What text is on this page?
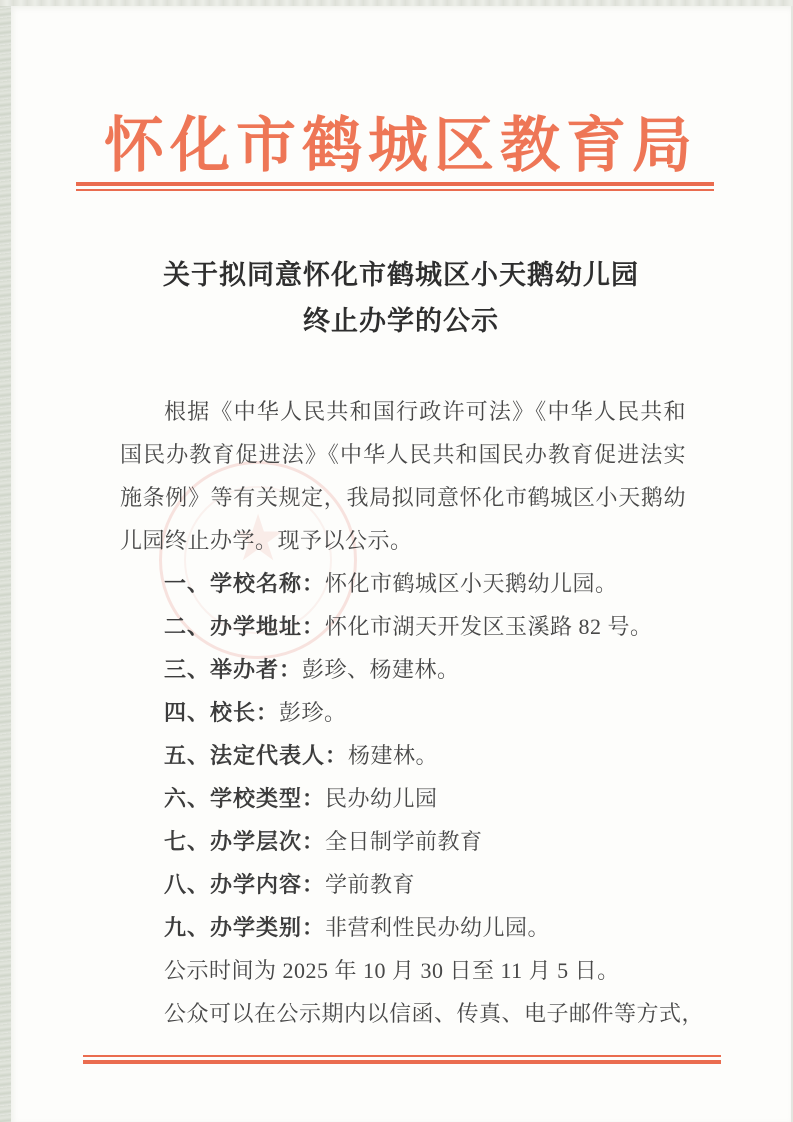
怀化市鹤城区教育局
关于拟同意怀化市鹤城区小天鹅幼儿园
终止办学的公示
★

根据《中华人民共和国行政许可法》《中华人民共和国民办教育促进法》《中华人民共和国民办教育促进法实施条例》等有关规定，我局拟同意怀化市鹤城区小天鹅幼儿园终止办学。现予以公示。

一、学校名称：怀化市鹤城区小天鹅幼儿园。
二、办学地址：怀化市湖天开发区玉溪路 82 号。
三、举办者：彭珍、杨建林。
四、校长：彭珍。
五、法定代表人：杨建林。
六、学校类型：民办幼儿园
七、办学层次：全日制学前教育
八、办学内容：学前教育
九、办学类别：非营利性民办幼儿园。
公示时间为 2025 年 10 月 30 日至 11 月 5 日。
公众可以在公示期内以信函、传真、电子邮件等方式，
